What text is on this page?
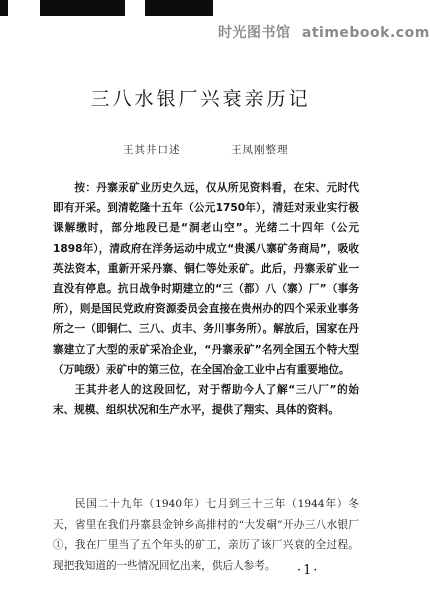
时光图书馆 atimebook.com
三八水银厂兴衰亲历记
王其井口述	王凤刚整理

按：丹寨汞矿业历史久远，仅从所见资料看，在宋、元时代即有开采。到清乾隆十五年（公元1750年），清廷对汞业实行极课解缴时，部分地段已是“洞老山空”。光绪二十四年（公元1898年），清政府在洋务运动中成立“贵溪八寨矿务商局”，吸收英法资本，重新开采丹寨、铜仁等处汞矿。此后，丹寨汞矿业一直没有停息。抗日战争时期建立的“三（都）八（寨）厂”（事务所），则是国民党政府资源委员会直接在贵州办的四个采汞业事务所之一（即铜仁、三八、贞丰、务川事务所）。解放后，国家在丹寨建立了大型的汞矿采冶企业，“丹寨汞矿”名列全国五个特大型（万吨级）汞矿中的第三位，在全国冶金工业中占有重要地位。

王其井老人的这段回忆，对于帮助今人了解“三八厂”的始末、规模、组织状况和生产水平，提供了翔实、具体的资料。

民国二十九年（1940年）七月到三十三年（1944年）冬天，省里在我们丹寨县金钟乡高排村的“大发硐”开办三八水银厂①，我在厂里当了五个年头的矿工，亲历了该厂兴衰的全过程。现把我知道的一些情况回忆出来，供后人参考。	·1·
